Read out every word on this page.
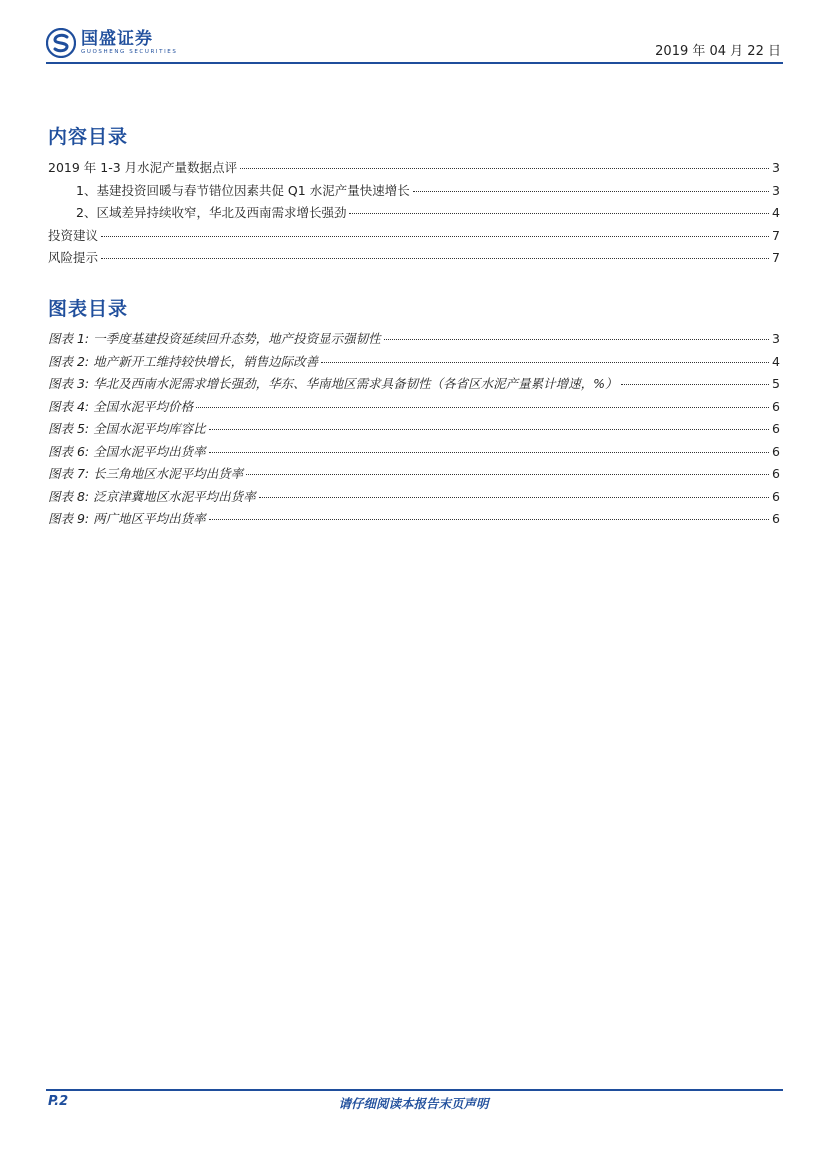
国盛证券
GUOSHENG SECURITIES	2019 年 04 月 22 日
内容目录
2019 年 1-3 月水泥产量数据点评	3
1、基建投资回暖与春节错位因素共促 Q1 水泥产量快速增长	3
2、区域差异持续收窄，华北及西南需求增长强劲	4
投资建议	7
风险提示	7
图表目录
图表 1: 一季度基建投资延续回升态势，地产投资显示强韧性	3
图表 2: 地产新开工维持较快增长，销售边际改善	4
图表 3: 华北及西南水泥需求增长强劲，华东、华南地区需求具备韧性（各省区水泥产量累计增速，%）	5
图表 4: 全国水泥平均价格	6
图表 5: 全国水泥平均库容比	6
图表 6: 全国水泥平均出货率	6
图表 7: 长三角地区水泥平均出货率	6
图表 8: 泛京津冀地区水泥平均出货率	6
图表 9: 两广地区平均出货率	6
P.2	请仔细阅读本报告末页声明
